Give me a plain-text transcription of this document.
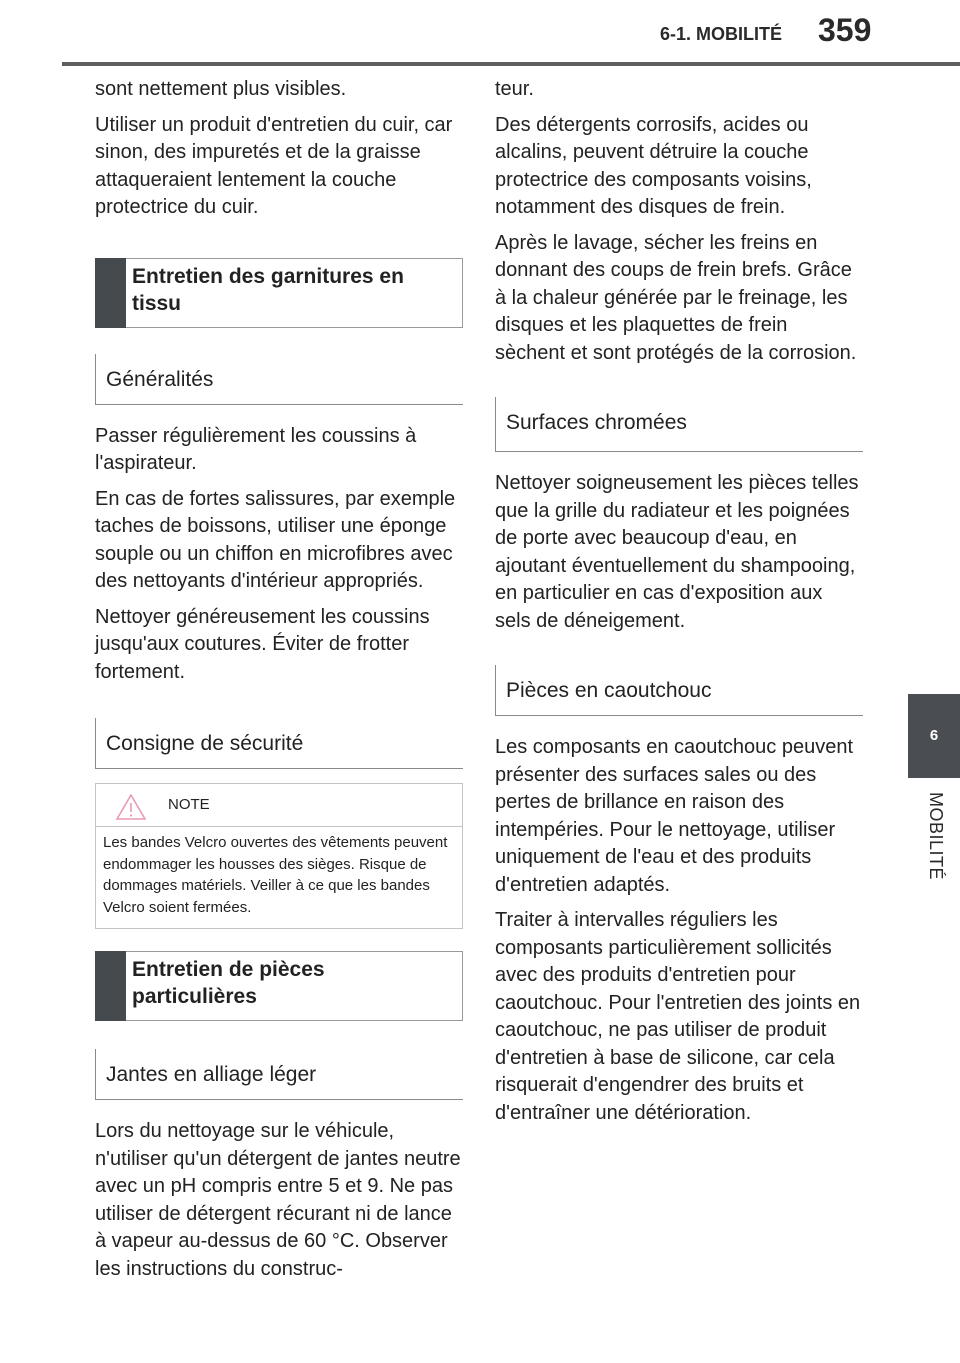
6-1. MOBILITÉ 359
6
MOBILITÉ

sont nettement plus visibles.

Utiliser un produit d'entretien du cuir, car sinon, des impuretés et de la graisse attaqueraient lentement la couche protectrice du cuir.

Entretien des garnitures en tissu
Généralités

Passer régulièrement les coussins à l'aspirateur.

En cas de fortes salissures, par exemple taches de boissons, utiliser une éponge souple ou un chiffon en microfibres avec des nettoyants d'intérieur appropriés.

Nettoyer généreusement les coussins jusqu'aux coutures. Éviter de frotter fortement.

Consigne de sécurité
NOTE
Les bandes Velcro ouvertes des vêtements peuvent endommager les housses des sièges. Risque de dommages matériels. Veiller à ce que les bandes Velcro soient fermées.
Entretien de pièces particulières
Jantes en alliage léger

Lors du nettoyage sur le véhicule, n'utiliser qu'un détergent de jantes neutre avec un pH compris entre 5 et 9. Ne pas utiliser de détergent récurant ni de lance à vapeur au-dessus de 60 °C. Observer les instructions du construc-

teur.

Des détergents corrosifs, acides ou alcalins, peuvent détruire la couche protectrice des composants voisins, notamment des disques de frein.

Après le lavage, sécher les freins en donnant des coups de frein brefs. Grâce à la chaleur générée par le freinage, les disques et les plaquettes de frein sèchent et sont protégés de la corrosion.

Surfaces chromées

Nettoyer soigneusement les pièces telles que la grille du radiateur et les poignées de porte avec beaucoup d'eau, en ajoutant éventuellement du shampooing, en particulier en cas d'exposition aux sels de déneigement.

Pièces en caoutchouc

Les composants en caoutchouc peuvent présenter des surfaces sales ou des pertes de brillance en raison des intempéries. Pour le nettoyage, utiliser uniquement de l'eau et des produits d'entretien adaptés.

Traiter à intervalles réguliers les composants particulièrement sollicités avec des produits d'entretien pour caoutchouc. Pour l'entretien des joints en caoutchouc, ne pas utiliser de produit d'entretien à base de silicone, car cela risquerait d'engendrer des bruits et d'entraîner une détérioration.
